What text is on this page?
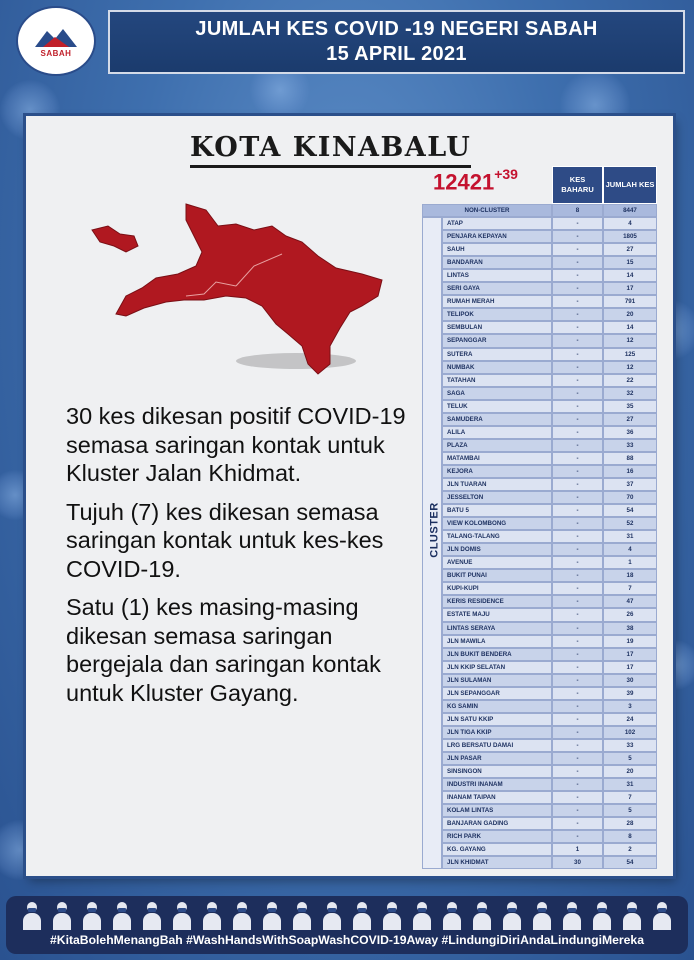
SABAH
JUMLAH KES COVID -19 NEGERI SABAH
15 APRIL 2021
KOTA KINABALU
$12421^{+39}$

30 kes dikesan positif COVID-19 semasa saringan kontak untuk Kluster Jalan Khidmat.

Tujuh (7) kes dikesan semasa saringan kontak untuk kes-kes COVID-19.

Satu (1) kes masing-masing dikesan semasa saringan bergejala dan saringan kontak untuk Kluster Gayang.

KES BAHARU
JUMLAH KES
NON-CLUSTER	8	8447
ATAP	-	4
PENJARA KEPAYAN	-	1805
SAUH	-	27
BANDARAN	-	15
LINTAS	-	14
SERI GAYA	-	17
RUMAH MERAH	-	791
TELIPOK	-	20
SEMBULAN	-	14
SEPANGGAR	-	12
SUTERA	-	125
NUMBAK	-	12
TATAHAN	-	22
SAGA	-	32
TELUK	-	35
SAMUDERA	-	27
ALILA	-	36
PLAZA	-	33
MATAMBAI	-	88
KEJORA	-	16
JLN TUARAN	-	37
JESSELTON	-	70
BATU 5	-	54
VIEW KOLOMBONG	-	52
TALANG-TALANG	-	31
JLN DOMIS	-	4
AVENUE	-	1
BUKIT PUNAI	-	18
KUPI-KUPI	-	7
KERIS RESIDENCE	-	47
ESTATE MAJU	-	26
LINTAS SERAYA	-	38
JLN MAWILA	-	19
JLN BUKIT BENDERA	-	17
JLN KKIP SELATAN	-	17
JLN SULAMAN	-	30
JLN SEPANGGAR	-	39
KG SAMIN	-	3
JLN SATU KKIP	-	24
JLN TIGA KKIP	-	102
LRG BERSATU DAMAI	-	33
JLN PASAR	-	5
SINSINGON	-	20
INDUSTRI INANAM	-	31
INANAM TAIPAN	-	7
KOLAM LINTAS	-	5
BANJARAN GADING	-	28
RICH PARK	-	8
KG. GAYANG	1	2
JLN KHIDMAT	30	54
CLUSTER
#KitaBolehMenangBah #WashHandsWithSoapWashCOVID-19Away #LindungiDiriAndaLindungiMereka
